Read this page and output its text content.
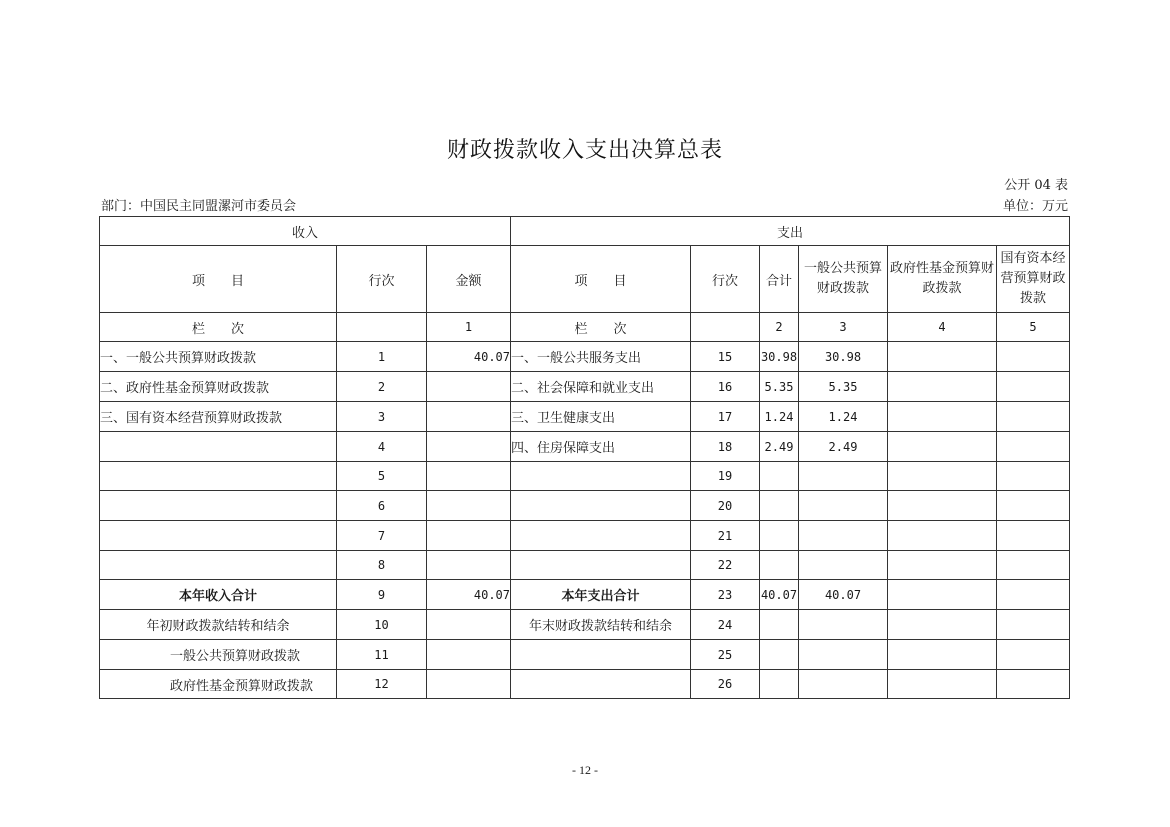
财政拨款收入支出决算总表
公开 04 表
部门：中国民主同盟漯河市委员会	单位：万元
收入			支出					
项　　目	行次	金额	项　　目	行次	合计	一般公共预算财政拨款	政府性基金预算财政拨款	国有资本经营预算财政拨款
栏　　次		1	栏　　次		2	3	4	5
一、一般公共预算财政拨款	1	40.07	一、一般公共服务支出	15	30.98	30.98		
二、政府性基金预算财政拨款	2		二、社会保障和就业支出	16	5.35	5.35		
三、国有资本经营预算财政拨款	3		三、卫生健康支出	17	1.24	1.24		
	4		四、住房保障支出	18	2.49	2.49		
	5			19				
	6			20				
	7			21				
	8			22				
本年收入合计	9	40.07	本年支出合计	23	40.07	40.07		
年初财政拨款结转和结余	10		年末财政拨款结转和结余	24				
一般公共预算财政拨款	11			25				
政府性基金预算财政拨款	12			26				
- 12 -
